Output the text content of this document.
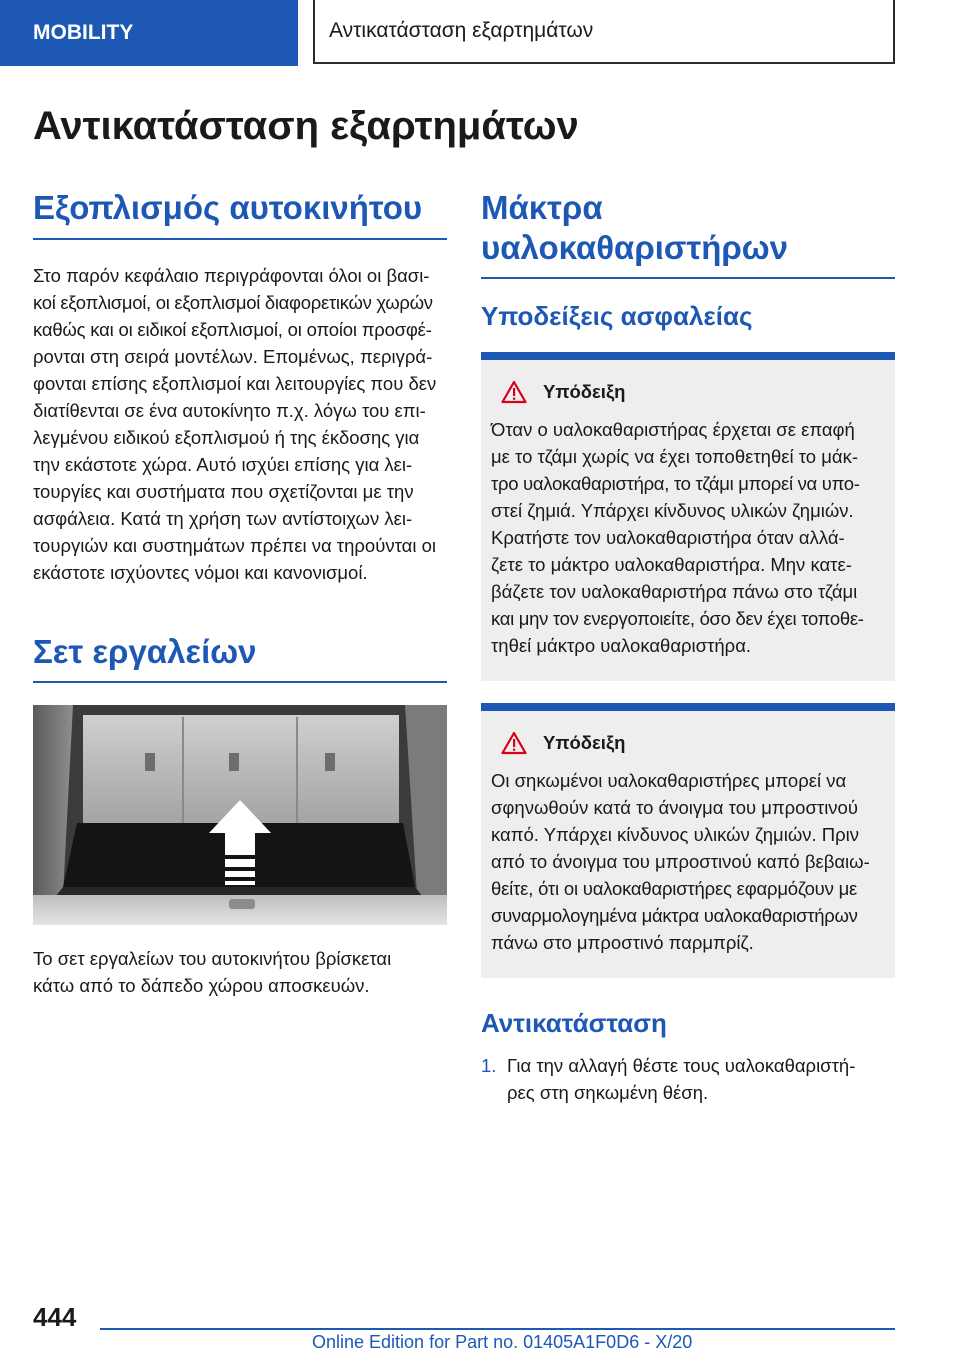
MOBILITY	Αντικατάσταση εξαρτημάτων
Αντικατάσταση εξαρτημάτων
Εξοπλισμός αυτοκινήτου

Στο παρόν κεφάλαιο περιγράφονται όλοι οι βασι‐

κοί εξοπλισμοί, οι εξοπλισμοί διαφορετικών χωρών

καθώς και οι ειδικοί εξοπλισμοί, οι οποίοι προσφέ‐

ρονται στη σειρά μοντέλων. Επομένως, περιγρά‐

φονται επίσης εξοπλισμοί και λειτουργίες που δεν

διατίθενται σε ένα αυτοκίνητο π.χ. λόγω του επι‐

λεγμένου ειδικού εξοπλισμού ή της έκδοσης για

την εκάστοτε χώρα. Αυτό ισχύει επίσης για λει‐

τουργίες και συστήματα που σχετίζονται με την

ασφάλεια. Κατά τη χρήση των αντίστοιχων λει‐

τουργιών και συστημάτων πρέπει να τηρούνται οι

εκάστοτε ισχύοντες νόμοι και κανονισμοί.

Σετ εργαλείων

Το σετ εργαλείων του αυτοκινήτου βρίσκεται

κάτω από το δάπεδο χώρου αποσκευών.

Μάκτρα
υαλοκαθαριστήρων
Υποδείξεις ασφαλείας
Υπόδειξη

Όταν ο υαλοκαθαριστήρας έρχεται σε επαφή

με το τζάμι χωρίς να έχει τοποθετηθεί το μάκ‐

τρο υαλοκαθαριστήρα, το τζάμι μπορεί να υπο‐

στεί ζημιά. Υπάρχει κίνδυνος υλικών ζημιών.

Κρατήστε τον υαλοκαθαριστήρα όταν αλλά‐

ζετε το μάκτρο υαλοκαθαριστήρα. Μην κατε‐

βάζετε τον υαλοκαθαριστήρα πάνω στο τζάμι

και μην τον ενεργοποιείτε, όσο δεν έχει τοποθε‐

τηθεί μάκτρο υαλοκαθαριστήρα.

Υπόδειξη

Οι σηκωμένοι υαλοκαθαριστήρες μπορεί να

σφηνωθούν κατά το άνοιγμα του μπροστινού

καπό. Υπάρχει κίνδυνος υλικών ζημιών. Πριν

από το άνοιγμα του μπροστινού καπό βεβαιω‐

θείτε, ότι οι υαλοκαθαριστήρες εφαρμόζουν με

συναρμολογημένα μάκτρα υαλοκαθαριστήρων

πάνω στο μπροστινό παρμπρίζ.

Αντικατάσταση
1. Για την αλλαγή θέστε τους υαλοκαθαριστή‐

ρες στη σηκωμένη θέση.

444
Online Edition for Part no. 01405A1F0D6 - X/20
